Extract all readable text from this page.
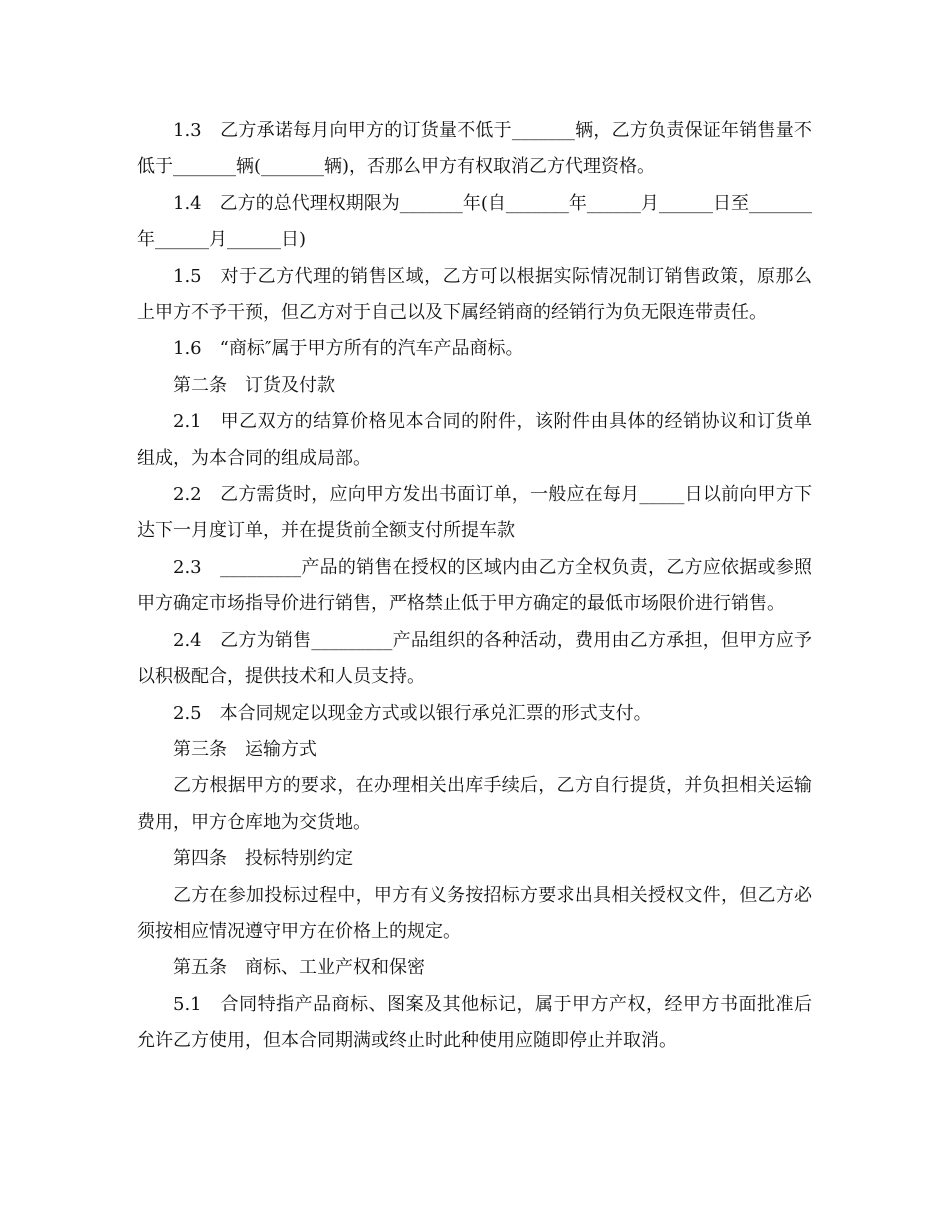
1.3　乙方承诺每月向甲方的订货量不低于_______辆，乙方负责保证年销售量不低于_______辆(_______辆)，否那么甲方有权取消乙方代理资格。

1.4　乙方的总代理权期限为_______年(自_______年______月______日至_______年______月______日)

1.5　对于乙方代理的销售区域，乙方可以根据实际情况制订销售政策，原那么上甲方不予干预，但乙方对于自己以及下属经销商的经销行为负无限连带责任。

1.6　“商标″属于甲方所有的汽车产品商标。

第二条　订货及付款

2.1　甲乙双方的结算价格见本合同的附件，该附件由具体的经销协议和订货单组成，为本合同的组成局部。

2.2　乙方需货时，应向甲方发出书面订单，一般应在每月_____日以前向甲方下达下一月度订单，并在提货前全额支付所提车款

2.3　_________产品的销售在授权的区域内由乙方全权负责，乙方应依据或参照甲方确定市场指导价进行销售，严格禁止低于甲方确定的最低市场限价进行销售。

2.4　乙方为销售_________产品组织的各种活动，费用由乙方承担，但甲方应予以积极配合，提供技术和人员支持。

2.5　本合同规定以现金方式或以银行承兑汇票的形式支付。

第三条　运输方式

乙方根据甲方的要求，在办理相关出库手续后，乙方自行提货，并负担相关运输费用，甲方仓库地为交货地。

第四条　投标特别约定

乙方在参加投标过程中，甲方有义务按招标方要求出具相关授权文件，但乙方必须按相应情况遵守甲方在价格上的规定。

第五条　商标、工业产权和保密

5.1　合同特指产品商标、图案及其他标记，属于甲方产权，经甲方书面批准后允许乙方使用，但本合同期满或终止时此种使用应随即停止并取消。
